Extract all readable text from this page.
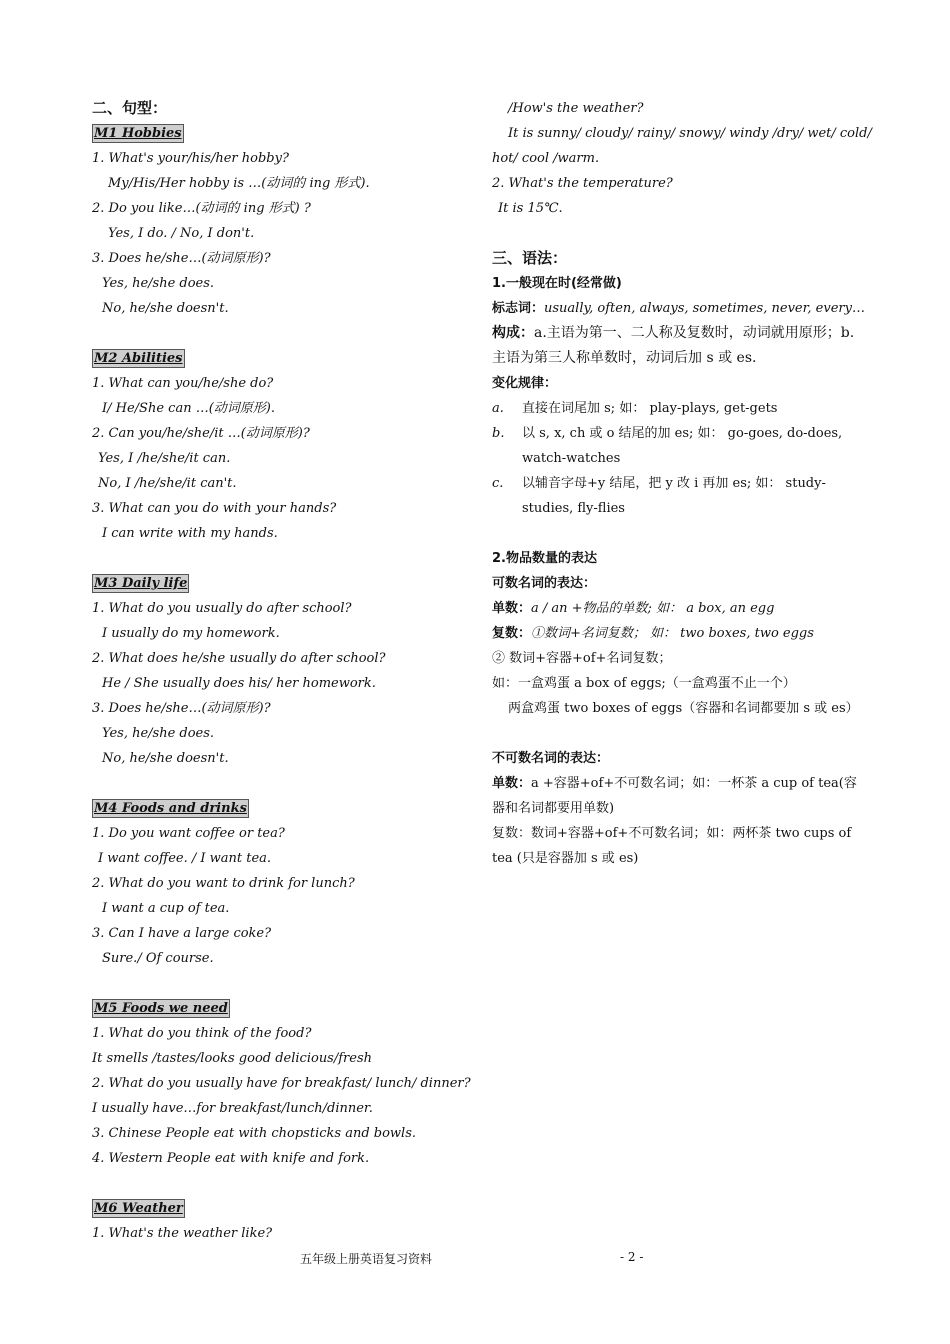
二、句型：
M1 Hobbies
1. What's your/his/her hobby?
My/His/Her hobby is …(动词的 ing 形式).
2. Do you like…(动词的 ing 形式) ?
Yes, I do. / No, I don't.
3. Does he/she…(动词原形)?
Yes, he/she does.
No, he/she doesn't.
M2 Abilities
1. What can you/he/she do?
I/ He/She can …(动词原形).
2. Can you/he/she/it …(动词原形)?
Yes, I /he/she/it can.
No, I /he/she/it can't.
3. What can you do with your hands?
I can write with my hands.
M3 Daily life
1. What do you usually do after school?
I usually do my homework.
2. What does he/she usually do after school?
He / She usually does his/ her homework.
3. Does he/she…(动词原形)?
Yes, he/she does.
No, he/she doesn't.
M4 Foods and drinks
1. Do you want coffee or tea?
I want coffee. / I want tea.
2. What do you want to drink for lunch?
I want a cup of tea.
3. Can I have a large coke?
Sure./ Of course.
M5 Foods we need
1. What do you think of the food?
It smells /tastes/looks good delicious/fresh
2. What do you usually have for breakfast/ lunch/ dinner?
I usually have…for breakfast/lunch/dinner.
3. Chinese People eat with chopsticks and bowls.
4. Western People eat with knife and fork.
M6 Weather
1. What's the weather like?
/How's the weather?
It is sunny/ cloudy/ rainy/ snowy/ windy /dry/ wet/ cold/
hot/ cool /warm.
2. What's the temperature?
It is 15℃.
三、语法：
1.一般现在时(经常做)
标志词：usually, often, always, sometimes, never, every…
构成：a.主语为第一、二人称及复数时，动词就用原形；b.主语为第三人称单数时，动词后加 s 或 es.
变化规律：
a.	直接在词尾加 s; 如： play-plays, get-gets
b.	以 s, x, ch 或 o 结尾的加 es; 如： go-goes, do-does, watch-watches
c.	以辅音字母+y 结尾，把 y 改 i 再加 es; 如： study-studies, fly-flies
2.物品数量的表达
可数名词的表达：
单数：a / an +物品的单数; 如： a box, an egg
复数：①数词+名词复数； 如： two boxes, two eggs
② 数词+容器+of+名词复数；
如：一盒鸡蛋 a box of eggs;（一盒鸡蛋不止一个）
两盒鸡蛋 two boxes of eggs（容器和名词都要加 s 或 es）
不可数名词的表达：
单数：a +容器+of+不可数名词；如：一杯茶 a cup of tea(容器和名词都要用单数)
复数：数词+容器+of+不可数名词；如：两杯茶 two cups of tea (只是容器加 s 或 es)
五年级上册英语复习资料	- 2 -
